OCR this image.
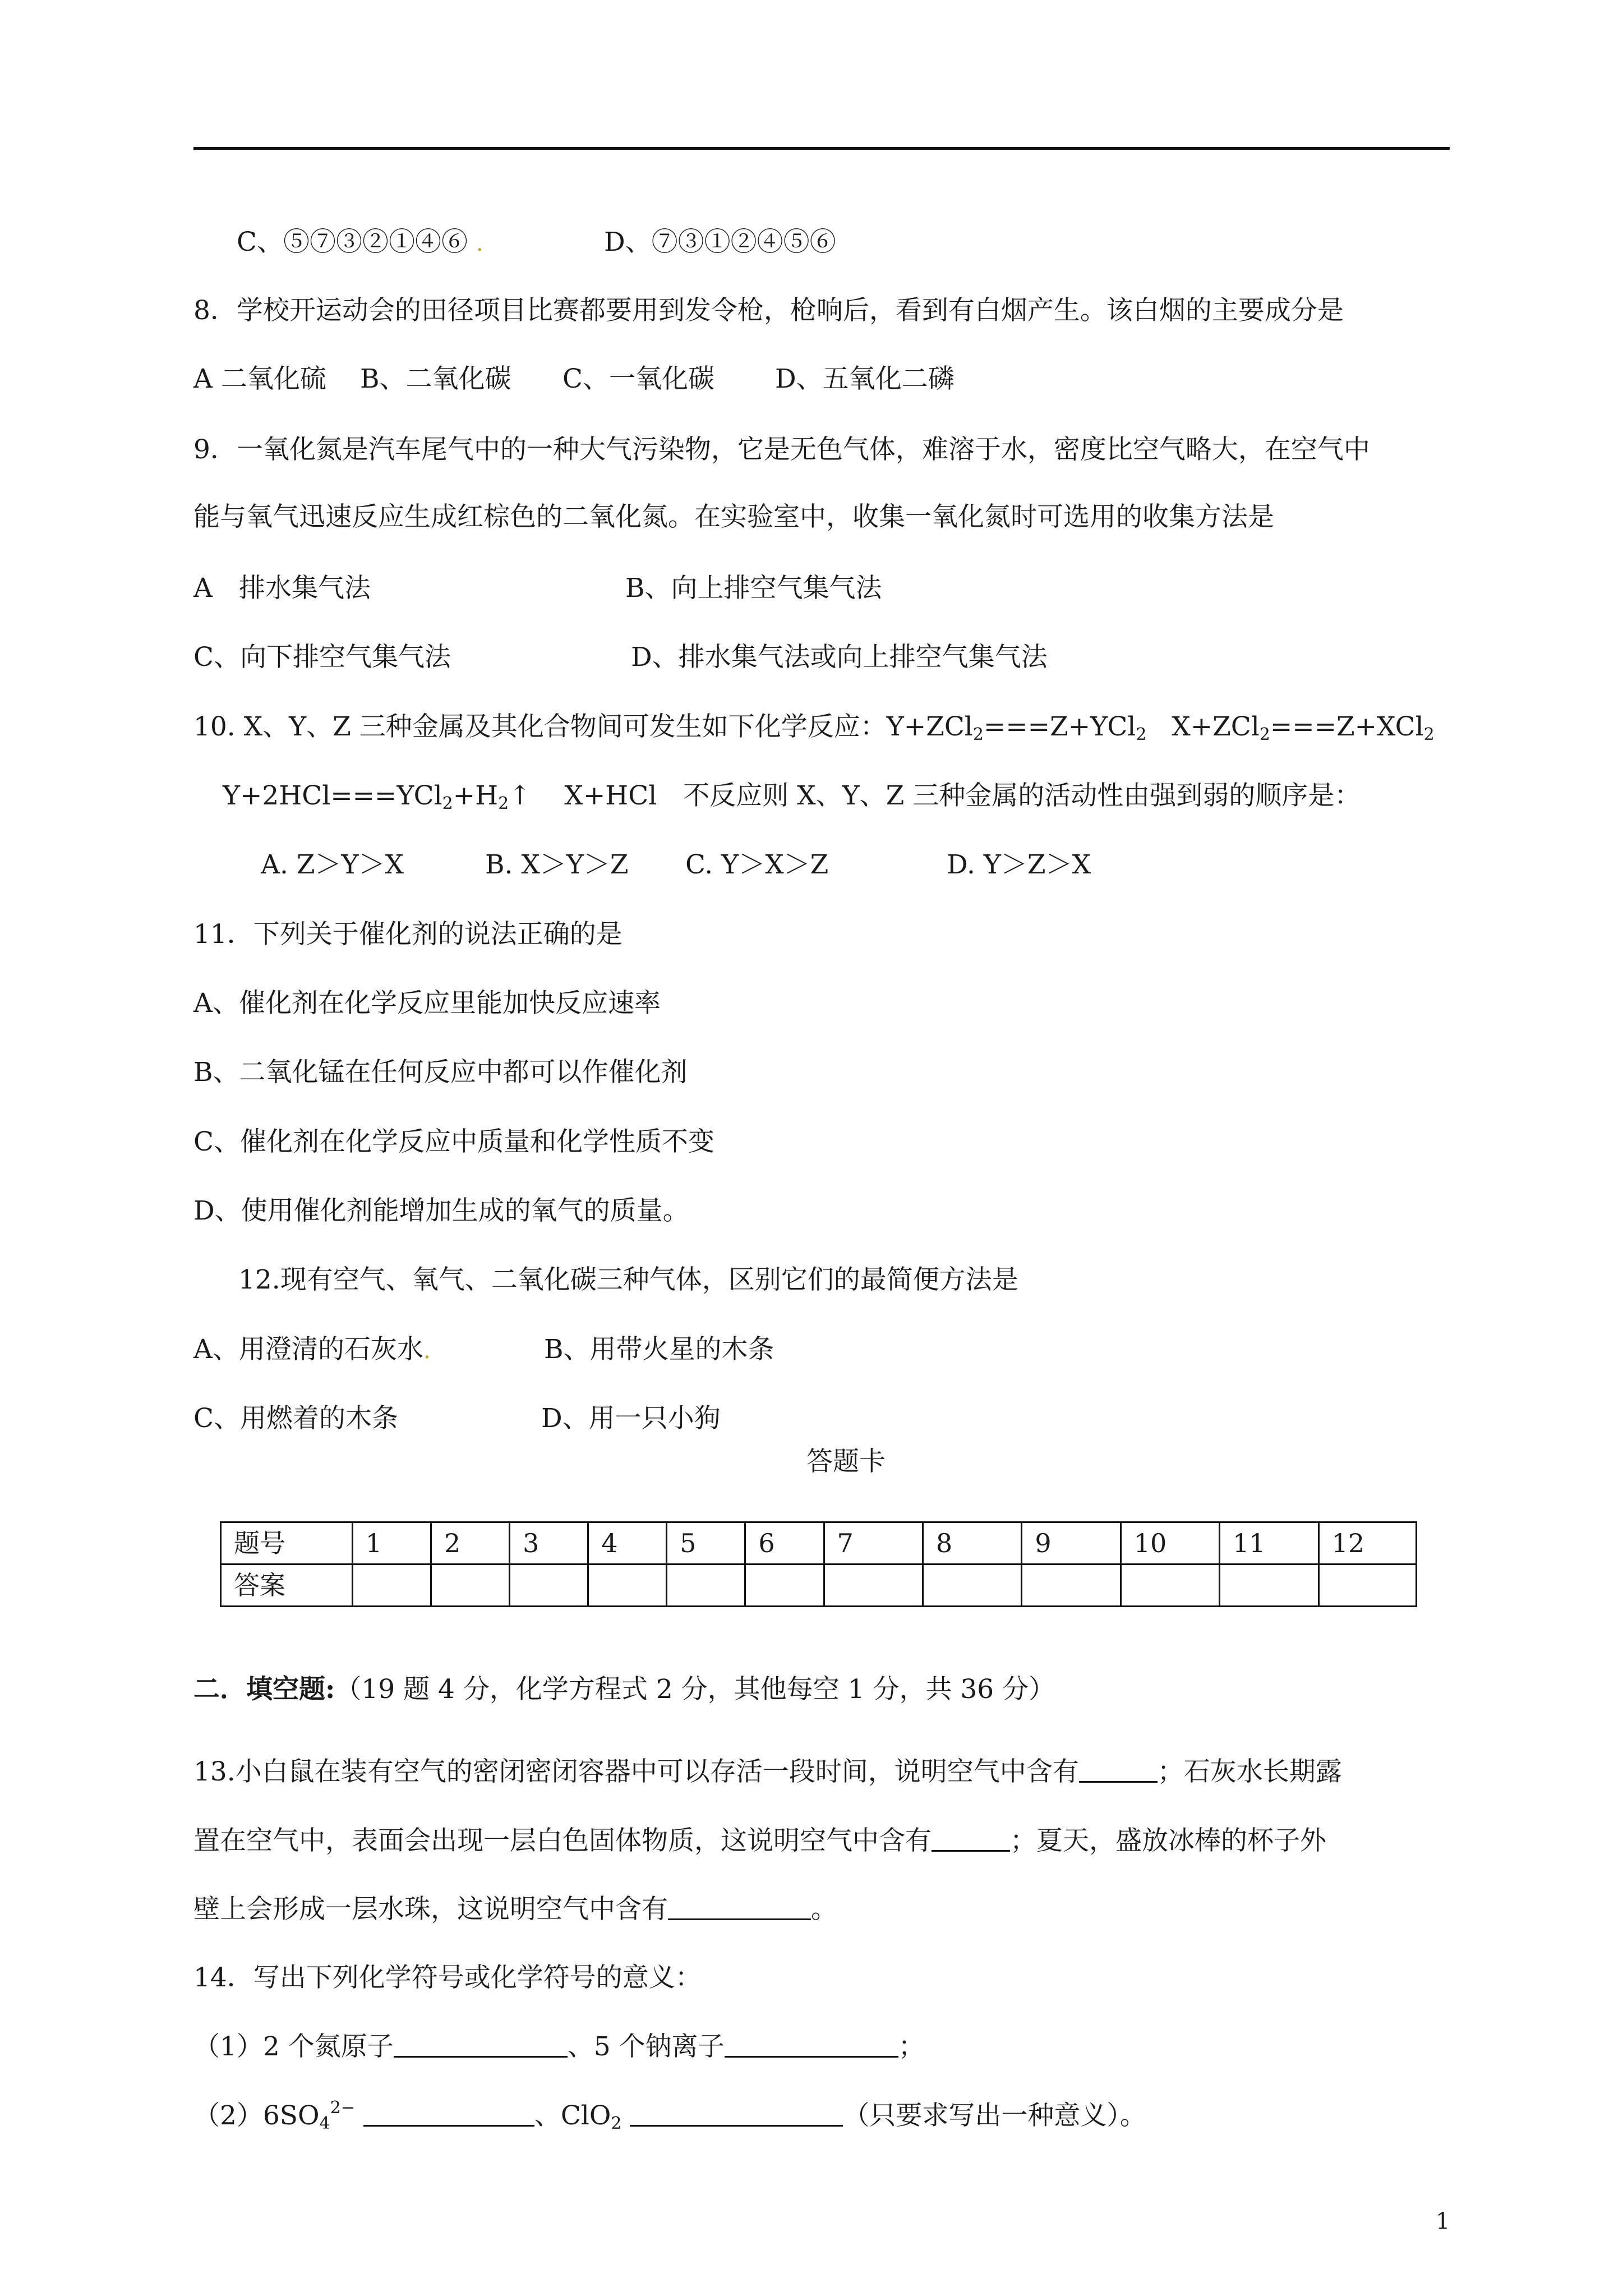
C、⑤⑦③②①④⑥ .	D、⑦③①②④⑤⑥
8．学校开运动会的田径项目比赛都要用到发令枪，枪响后，看到有白烟产生。该白烟的主要成分是
A 二氧化硫 B、二氧化碳 C、一氧化碳 D、五氧化二磷
9．一氧化氮是汽车尾气中的一种大气污染物，它是无色气体，难溶于水，密度比空气略大，在空气中
能与氧气迅速反应生成红棕色的二氧化氮。在实验室中，收集一氧化氮时可选用的收集方法是
A　排水集气法	B、向上排空气集气法
C、向下排空气集气法	D、排水集气法或向上排空气集气法
10. X、Y、Z 三种金属及其化合物间可发生如下化学反应：Y+ZCl$_2$===Z+YCl$_2$ X+ZCl$_2$===Z+XCl$_2$
$Y+2HCl===YCl_2+H_2↑$ X+HCl　不反应则 X、Y、Z 三种金属的活动性由强到弱的顺序是：
A. Z＞Y＞X	B. X＞Y＞Z C. Y＞X＞Z	D. Y＞Z＞X
11．下列关于催化剂的说法正确的是
A、催化剂在化学反应里能加快反应速率
B、二氧化锰在任何反应中都可以作催化剂
C、催化剂在化学反应中质量和化学性质不变
D、使用催化剂能增加生成的氧气的质量。
12.现有空气、氧气、二氧化碳三种气体，区别它们的最简便方法是
A、用澄清的石灰水.	B、用带火星的木条
C、用燃着的木条	D、用一只小狗
答题卡
题号	1	2	3	4	5	6	7	8	9	10	11	12
答案												
二．填空题:（19 题 4 分，化学方程式 2 分，其他每空 1 分，共 36 分）
13.小白鼠在装有空气的密闭密闭容器中可以存活一段时间，说明空气中含有	；石灰水长期露
置在空气中，表面会出现一层白色固体物质，这说明空气中含有	；夏天，盛放冰棒的杯子外
壁上会形成一层水珠，这说明空气中含有	。
14．写出下列化学符号或化学符号的意义：
（1）2 个氮原子	、5 个钠离子	；
$(2)6SO_4^{2-}$	、ClO$_2$	（只要求写出一种意义）。
1
